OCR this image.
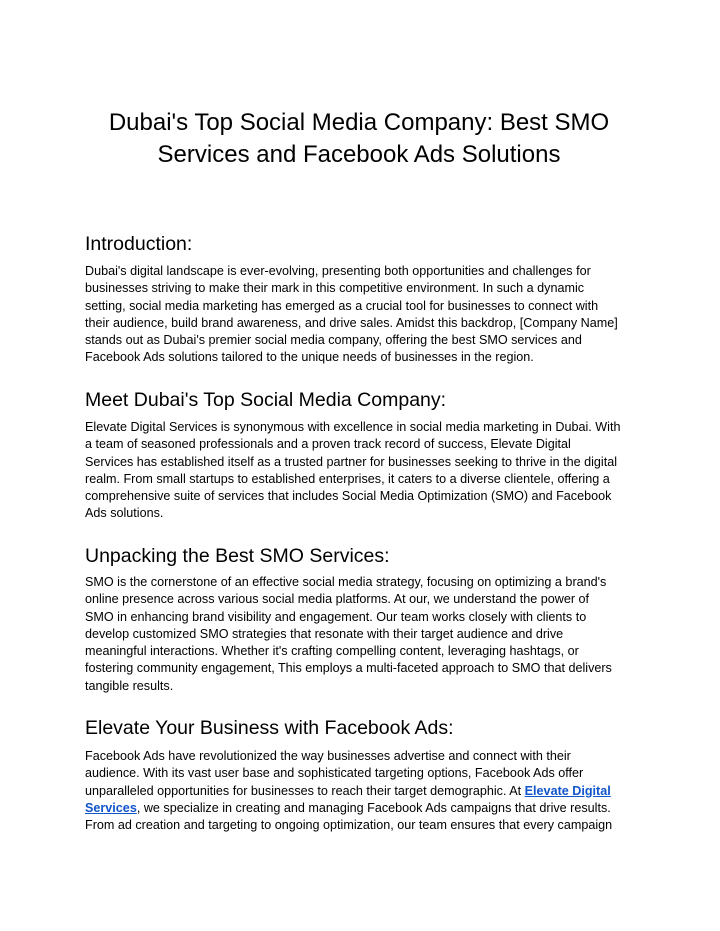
Dubai's Top Social Media Company: Best SMO
Services and Facebook Ads Solutions
Introduction:

Dubai's digital landscape is ever-evolving, presenting both opportunities and challenges for
businesses striving to make their mark in this competitive environment. In such a dynamic
setting, social media marketing has emerged as a crucial tool for businesses to connect with
their audience, build brand awareness, and drive sales. Amidst this backdrop, [Company Name]
stands out as Dubai's premier social media company, offering the best SMO services and
Facebook Ads solutions tailored to the unique needs of businesses in the region.

Meet Dubai's Top Social Media Company:

Elevate Digital Services is synonymous with excellence in social media marketing in Dubai. With
a team of seasoned professionals and a proven track record of success, Elevate Digital
Services has established itself as a trusted partner for businesses seeking to thrive in the digital
realm. From small startups to established enterprises, it caters to a diverse clientele, offering a
comprehensive suite of services that includes Social Media Optimization (SMO) and Facebook
Ads solutions.

Unpacking the Best SMO Services:

SMO is the cornerstone of an effective social media strategy, focusing on optimizing a brand's
online presence across various social media platforms. At our, we understand the power of
SMO in enhancing brand visibility and engagement. Our team works closely with clients to
develop customized SMO strategies that resonate with their target audience and drive
meaningful interactions. Whether it's crafting compelling content, leveraging hashtags, or
fostering community engagement, This employs a multi-faceted approach to SMO that delivers
tangible results.

Elevate Your Business with Facebook Ads:

Facebook Ads have revolutionized the way businesses advertise and connect with their
audience. With its vast user base and sophisticated targeting options, Facebook Ads offer
unparalleled opportunities for businesses to reach their target demographic. At Elevate Digital
Services, we specialize in creating and managing Facebook Ads campaigns that drive results.
From ad creation and targeting to ongoing optimization, our team ensures that every campaign
